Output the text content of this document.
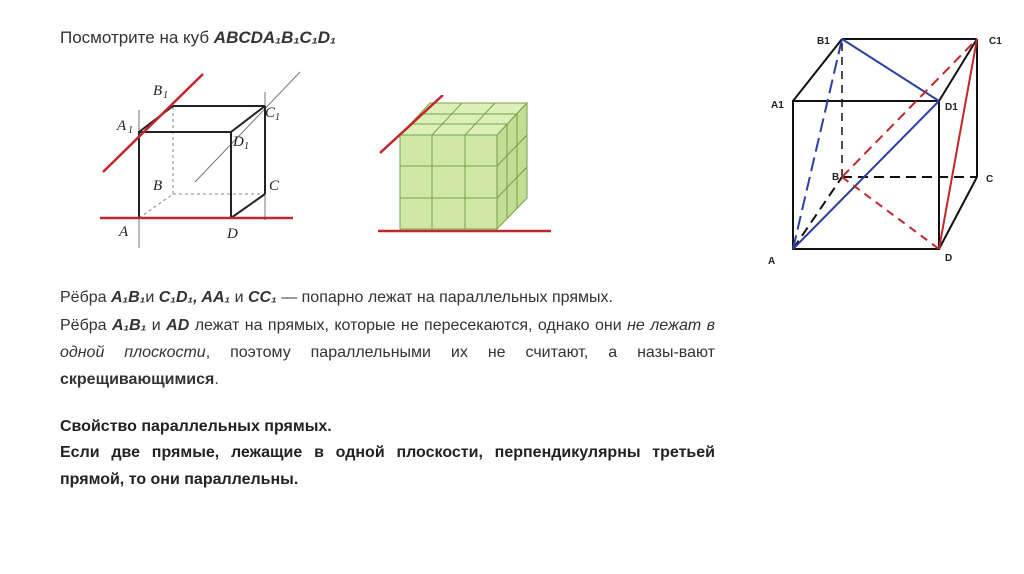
Посмотрите на куб ABCDA₁B₁C₁D₁
A
B	C
D
A 1
B 1
C 1
D 1
B1	C1
A1	D1
B	C
A	D
Рёбра A₁B₁и C₁D₁, AA₁ и CC₁ — попарно лежат на параллельных прямых.
Рёбра A₁B₁ и AD лежат на прямых, которые не пересекаются, однако они не лежат в одной плоскости, поэтому параллельными их не считают, а назы-вают скрещивающимися.
Свойство параллельных прямых.
Если две прямые, лежащие в одной плоскости, перпендикулярны третьей прямой, то они параллельны.
